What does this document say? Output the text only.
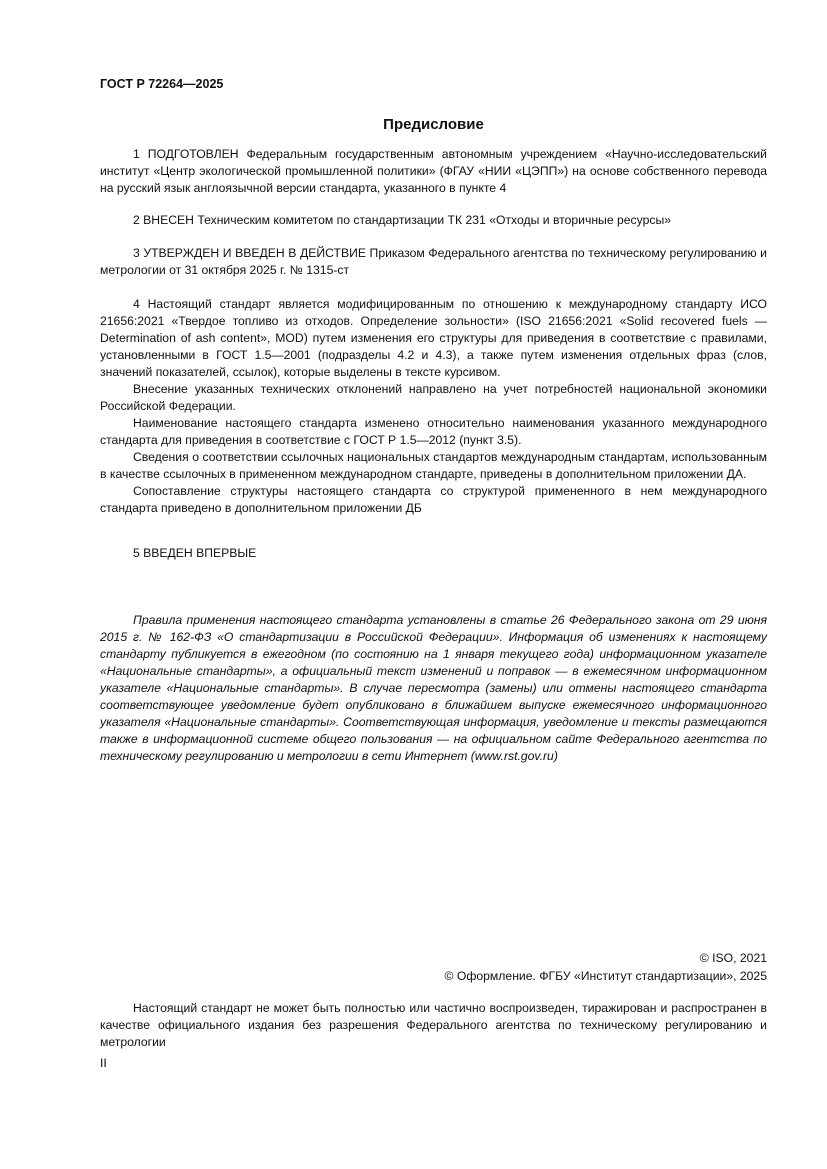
ГОСТ Р 72264—2025
Предисловие

1 ПОДГОТОВЛЕН Федеральным государственным автономным учреждением «Научно-исследовательский институт «Центр экологической промышленной политики» (ФГАУ «НИИ «ЦЭПП») на основе собственного перевода на русский язык англоязычной версии стандарта, указанного в пункте 4

2 ВНЕСЕН Техническим комитетом по стандартизации ТК 231 «Отходы и вторичные ресурсы»

3 УТВЕРЖДЕН И ВВЕДЕН В ДЕЙСТВИЕ Приказом Федерального агентства по техническому регулированию и метрологии от 31 октября 2025 г. № 1315-ст

4 Настоящий стандарт является модифицированным по отношению к международному стандарту ИСО 21656:2021 «Твердое топливо из отходов. Определение зольности» (ISO 21656:2021 «Solid recovered fuels — Determination of ash content», MOD) путем изменения его структуры для приведения в соответствие с правилами, установленными в ГОСТ 1.5—2001 (подразделы 4.2 и 4.3), а также путем изменения отдельных фраз (слов, значений показателей, ссылок), которые выделены в тексте курсивом.

Внесение указанных технических отклонений направлено на учет потребностей национальной экономики Российской Федерации.

Наименование настоящего стандарта изменено относительно наименования указанного международного стандарта для приведения в соответствие с ГОСТ Р 1.5—2012 (пункт 3.5).

Сведения о соответствии ссылочных национальных стандартов международным стандартам, использованным в качестве ссылочных в примененном международном стандарте, приведены в дополнительном приложении ДА.

Сопоставление структуры настоящего стандарта со структурой примененного в нем международного стандарта приведено в дополнительном приложении ДБ

5 ВВЕДЕН ВПЕРВЫЕ

Правила применения настоящего стандарта установлены в статье 26 Федерального закона от 29 июня 2015 г. № 162-ФЗ «О стандартизации в Российской Федерации». Информация об изменениях к настоящему стандарту публикуется в ежегодном (по состоянию на 1 января текущего года) информационном указателе «Национальные стандарты», а официальный текст изменений и поправок — в ежемесячном информационном указателе «Национальные стандарты». В случае пересмотра (замены) или отмены настоящего стандарта соответствующее уведомление будет опубликовано в ближайшем выпуске ежемесячного информационного указателя «Национальные стандарты». Соответствующая информация, уведомление и тексты размещаются также в информационной системе общего пользования — на официальном сайте Федерального агентства по техническому регулированию и метрологии в сети Интернет (www.rst.gov.ru)

© ISO, 2021
© Оформление. ФГБУ «Институт стандартизации», 2025

Настоящий стандарт не может быть полностью или частично воспроизведен, тиражирован и распространен в качестве официального издания без разрешения Федерального агентства по техническому регулированию и метрологии

II
